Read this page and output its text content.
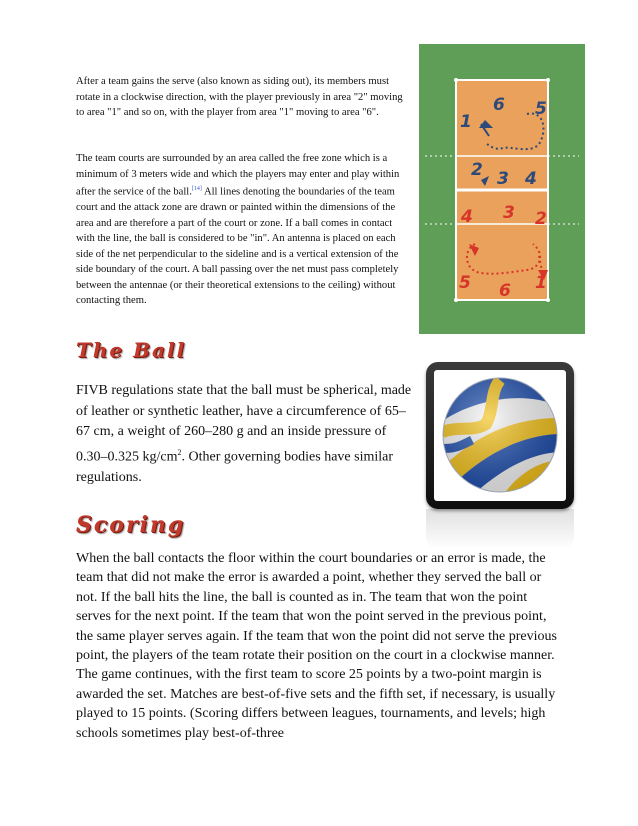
After a team gains the serve (also known as siding out), its members must rotate in a clockwise direction, with the player previously in area "2" moving to area "1" and so on, with the player from area "1" moving to area "6".

The team courts are surrounded by an area called the free zone which is a minimum of 3 meters wide and which the players may enter and play within after the service of the ball.[14] All lines denoting the boundaries of the team court and the attack zone are drawn or painted within the dimensions of the area and are therefore a part of the court or zone. If a ball comes in contact with the line, the ball is considered to be "in". An antenna is placed on each side of the net perpendicular to the sideline and is a vertical extension of the side boundary of the court. A ball passing over the net must pass completely between the antennae (or their theoretical extensions to the ceiling) without contacting them.

1
6 5
2 3 4
4 3 2
5 6 1
The Ball

FIVB regulations state that the ball must be spherical, made of leather or synthetic leather, have a circumference of 65–67 cm, a weight of 260–280 g and an inside pressure of 0.30–0.325 $kg/cm^2$. Other governing bodies have similar regulations.

Scoring

When the ball contacts the floor within the court boundaries or an error is made, the team that did not make the error is awarded a point, whether they served the ball or not. If the ball hits the line, the ball is counted as in. The team that won the point serves for the next point. If the team that won the point served in the previous point, the same player serves again. If the team that won the point did not serve the previous point, the players of the team rotate their position on the court in a clockwise manner. The game continues, with the first team to score 25 points by a two-point margin is awarded the set. Matches are best-of-five sets and the fifth set, if necessary, is usually played to 15 points. (Scoring differs between leagues, tournaments, and levels; high schools sometimes play best-of-three
